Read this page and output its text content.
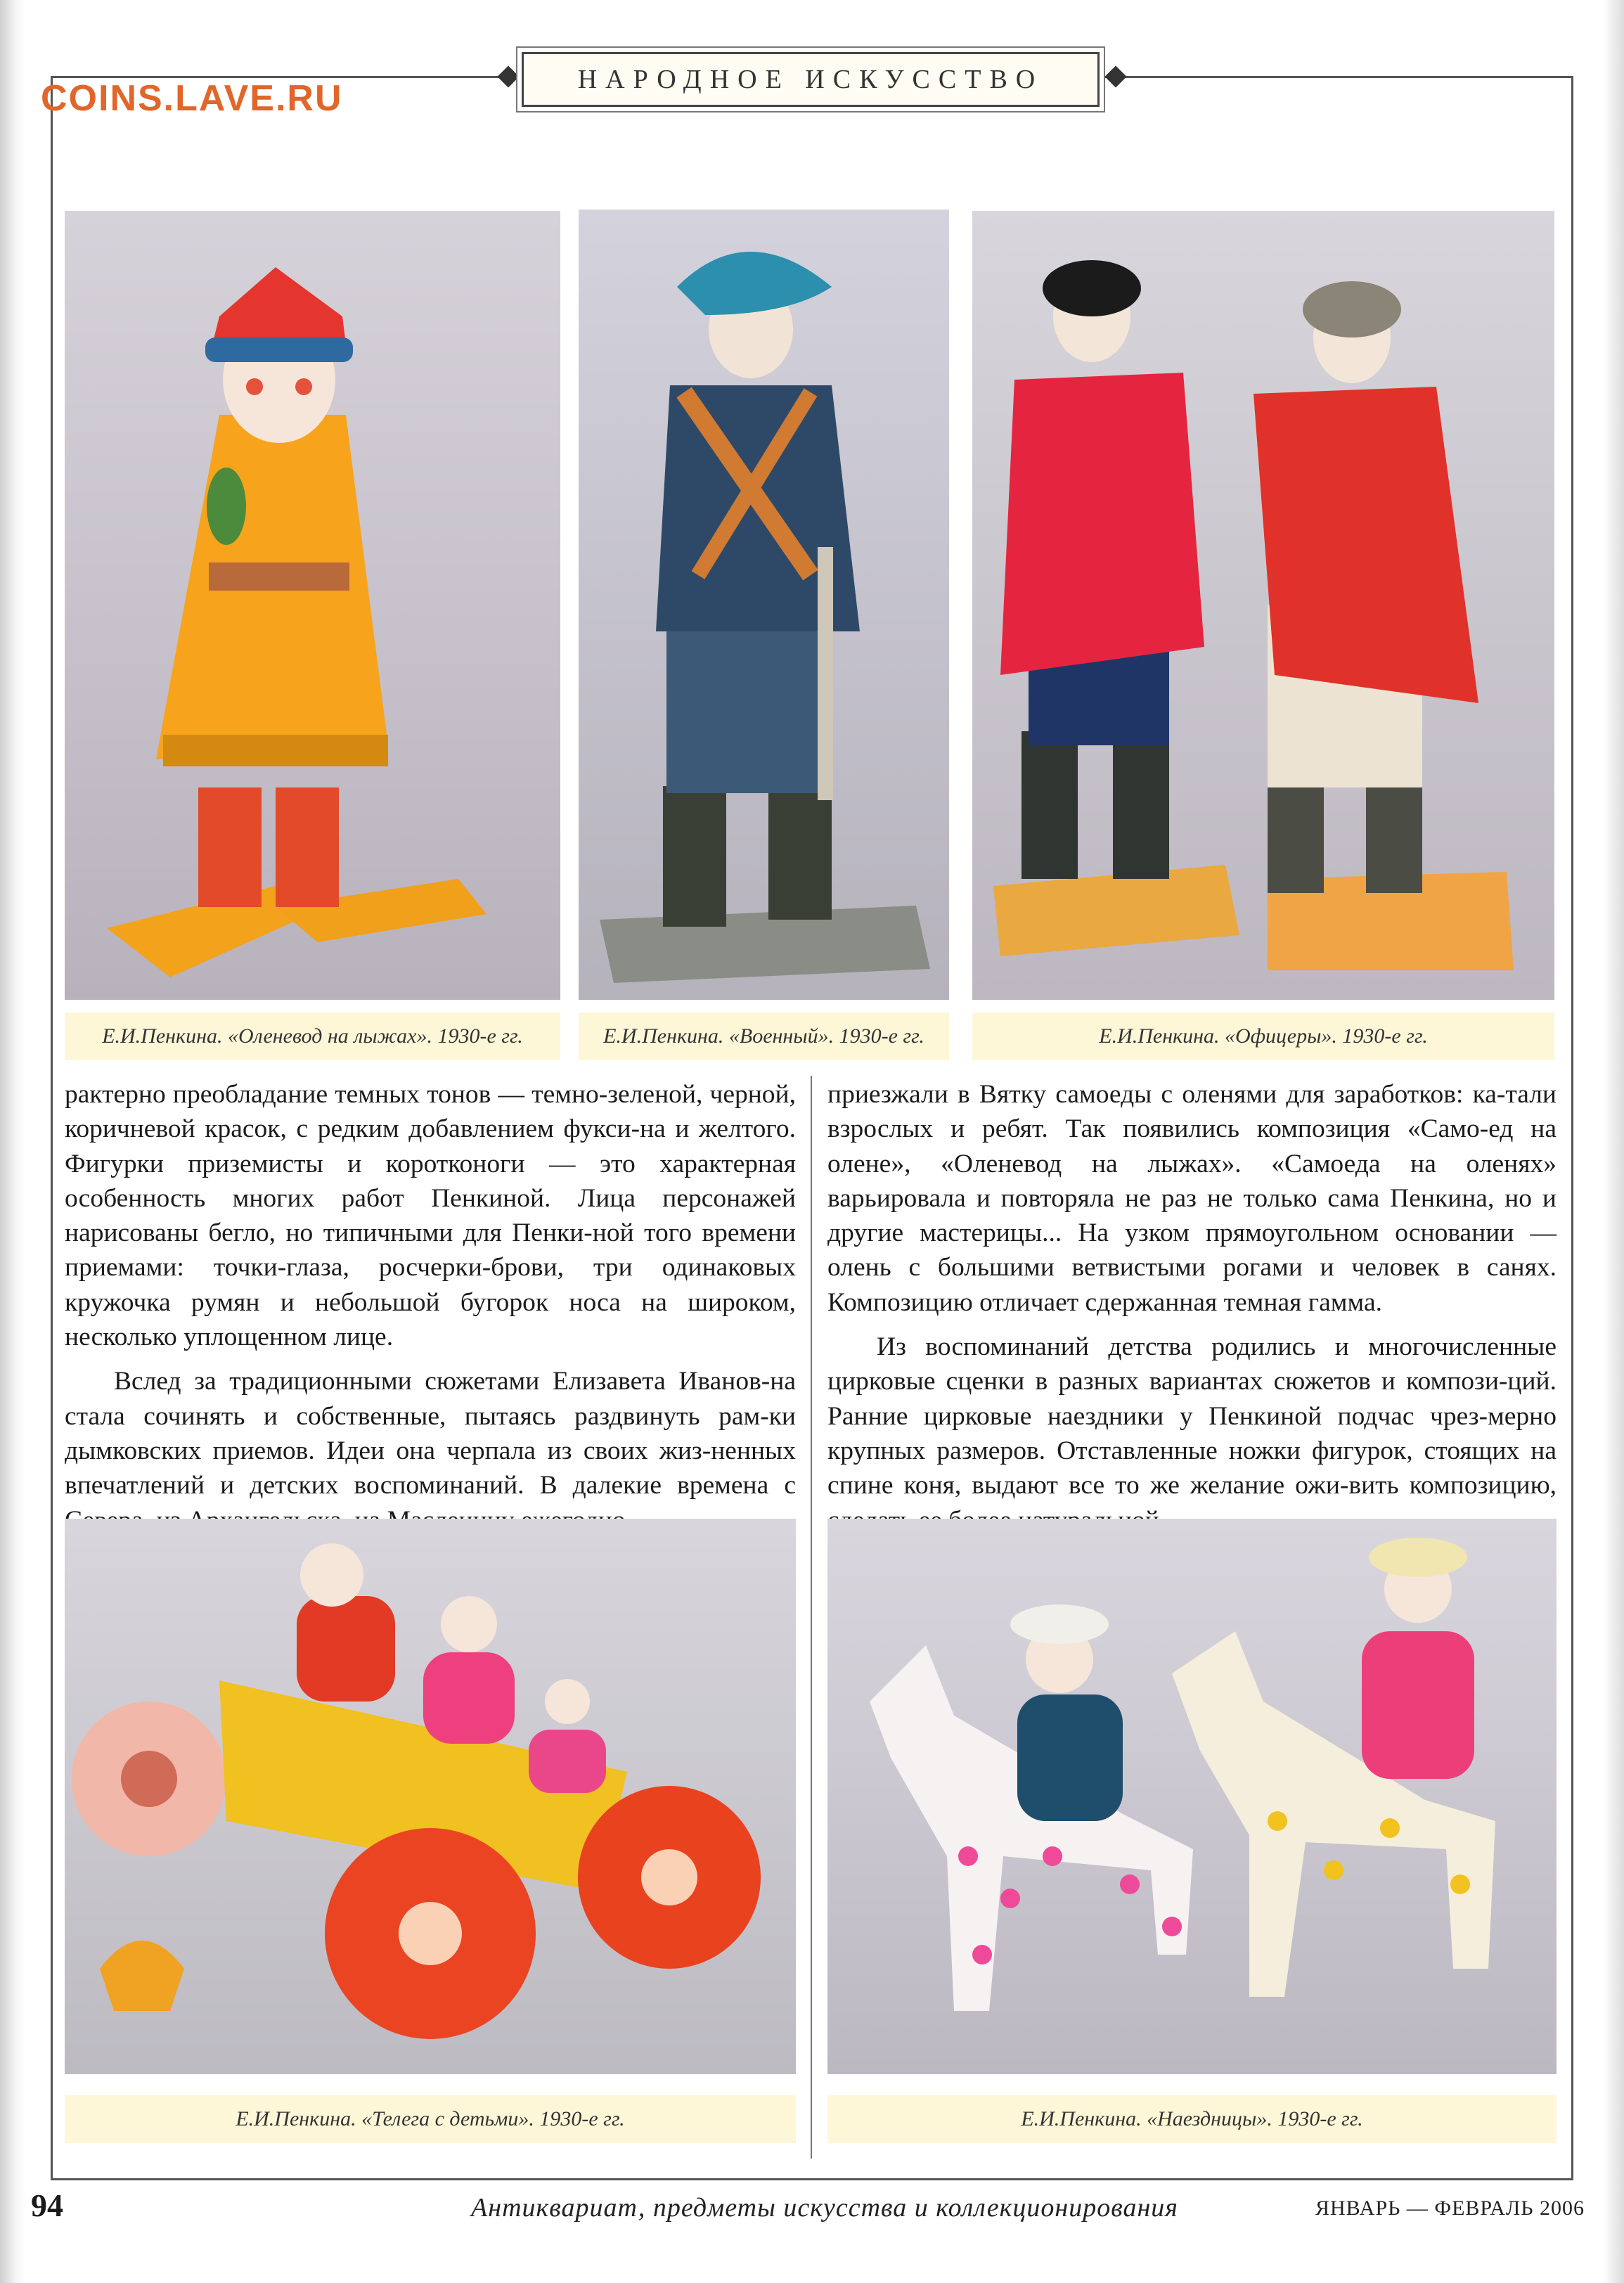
COINS.LAVE.RU	НАРОДНОЕ ИСКУССТВО
Е.И.Пенкина. «Оленевод на лыжах». 1930-е гг.	Е.И.Пенкина. «Военный». 1930-е гг.	Е.И.Пенкина. «Офицеры». 1930-е гг.

рактерно преобладание темных тонов — темно-зеленой, черной, коричневой красок, с редким добавлением фукси-на и желтого. Фигурки приземисты и коротконоги — это характерная особенность многих работ Пенкиной. Лица персонажей нарисованы бегло, но типичными для Пенки-ной того времени приемами: точки-глаза, росчерки-брови, три одинаковых кружочка румян и небольшой бугорок носа на широком, несколько уплощенном лице.

Вслед за традиционными сюжетами Елизавета Иванов-на стала сочинять и собственные, пытаясь раздвинуть рам-ки дымковских приемов. Идеи она черпала из своих жиз-ненных впечатлений и детских воспоминаний. В далекие времена с

приезжали в Вятку самоеды с оленями для заработков: ка-тали взрослых и ребят. Так появились композиция «Само-ед на олене», «Оленевод на лыжах». «Самоеда на оленях» варьировала и повторяла не раз не только сама Пенкина, но и другие мастерицы... На узком прямоугольном основании — олень с большими ветвистыми рогами и человек в санях. Композицию отличает сдержанная темная гамма.

Из воспоминаний детства родились и многочисленные цирковые сценки в разных вариантах сюжетов и компози-ций. Ранние цирковые наездники у Пенкиной подчас чрез-мерно крупных размеров. Отставленные ножки фигурок, стоящих на спине коня, выдают все то же желание ожи-вить композицию,

Е.И.Пенкина. «Телега с детьми». 1930-е гг.	Е.И.Пенкина. «Наездницы». 1930-е гг.
94	Антиквариат, предметы искусства и коллекционирования	ЯНВАРЬ — ФЕВРАЛЬ 2006
